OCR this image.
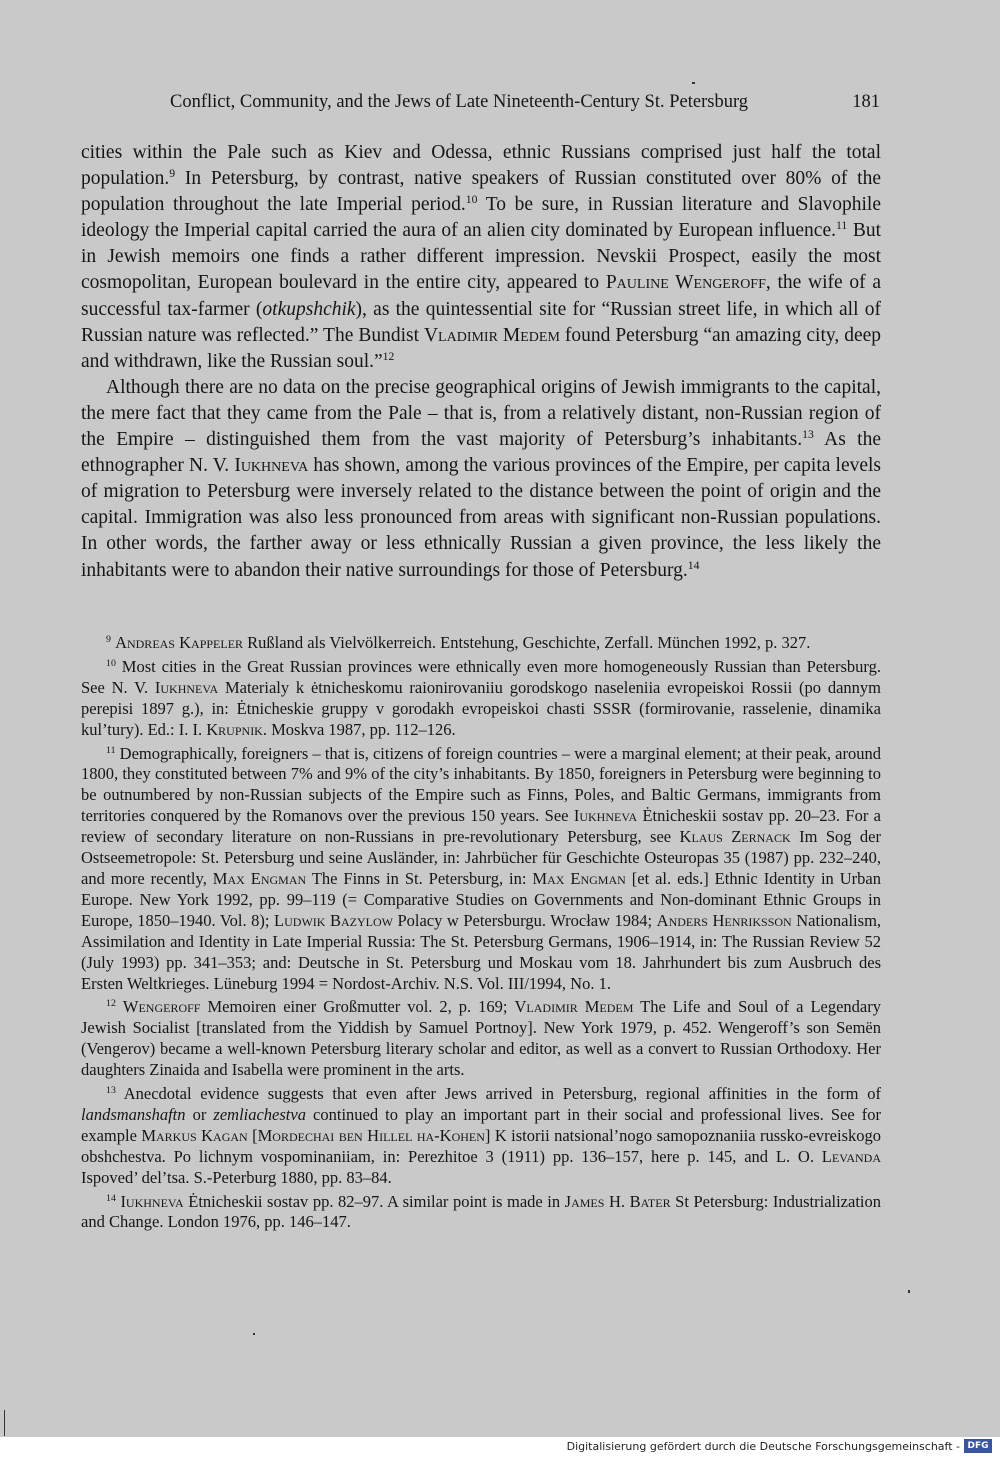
Conflict, Community, and the Jews of Late Nineteenth-Century St. Petersburg	181

cities within the Pale such as Kiev and Odessa, ethnic Russians comprised just half the total population.$^9$ In Petersburg, by contrast, native speakers of Russian constituted over 80% of the population throughout the late Imperial period.$^{10}$ To be sure, in Russian literature and Slavophile ideology the Imperial capital carried the aura of an alien city dominated by European influence.$^{11}$ But in Jewish memoirs one finds a rather different impression. Nevskii Prospect, easily the most cosmopolitan, European boulevard in the entire city, appeared to Pauline Wengeroff, the wife of a successful tax-farmer (otkupshchik), as the quintessential site for “Russian street life, in which all of Russian nature was reflected.” The Bundist Vladimir Medem found Petersburg “an amazing city, deep and withdrawn, like the Russian soul.”$^{12}$

Although there are no data on the precise geographical origins of Jewish immigrants to the capital, the mere fact that they came from the Pale – that is, from a relatively distant, non-Russian region of the Empire – distinguished them from the vast majority of Petersburg’s inhabitants.$^{13}$ As the ethnographer N. V. Iukhneva has shown, among the various provinces of the Empire, per capita levels of migration to Petersburg were inversely related to the distance between the point of origin and the capital. Immigration was also less pronounced from areas with significant non-Russian populations. In other words, the farther away or less ethnically Russian a given province, the less likely the inhabitants were to abandon their native surroundings for those of Petersburg.$^{14}$

$^9$ Andreas Kappeler Rußland als Vielvölkerreich. Entstehung, Geschichte, Zerfall. München 1992, p. 327.

$^{10}$ Most cities in the Great Russian provinces were ethnically even more homogeneously Russian than Petersburg. See N. V. Iukhneva Materialy k ėtnicheskomu raionirovaniiu gorodskogo naseleniia evropeiskoi Rossii (po dannym perepisi 1897 g.), in: Ėtnicheskie gruppy v gorodakh evropeiskoi chasti SSSR (formirovanie, rasselenie, dinamika kul’tury). Ed.: I. I. Krupnik. Moskva 1987, pp. 112–126.

$^{11}$ Demographically, foreigners – that is, citizens of foreign countries – were a marginal element; at their peak, around 1800, they constituted between 7% and 9% of the city’s inhabitants. By 1850, foreigners in Petersburg were beginning to be outnumbered by non-Russian subjects of the Empire such as Finns, Poles, and Baltic Germans, immigrants from territories conquered by the Romanovs over the previous 150 years. See Iukhneva Ėtnicheskii sostav pp. 20–23. For a review of secondary literature on non-Russians in pre-revolutionary Petersburg, see Klaus Zernack Im Sog der Ostseemetropole: St. Petersburg und seine Ausländer, in: Jahrbücher für Geschichte Osteuropas 35 (1987) pp. 232–240, and more recently, Max Engman The Finns in St. Petersburg, in: Max Engman [et al. eds.] Ethnic Identity in Urban Europe. New York 1992, pp. 99–119 (= Comparative Studies on Governments and Non-dominant Ethnic Groups in Europe, 1850–1940. Vol. 8); Ludwik Bazylow Polacy w Petersburgu. Wrocław 1984; Anders Henriksson Nationalism, Assimilation and Identity in Late Imperial Russia: The St. Petersburg Germans, 1906–1914, in: The Russian Review 52 (July 1993) pp. 341–353; and: Deutsche in St. Petersburg und Moskau vom 18. Jahrhundert bis zum Ausbruch des Ersten Weltkrieges. Lüneburg 1994 = Nordost-Archiv. N.S. Vol. III/1994, No. 1.

$^{12}$ Wengeroff Memoiren einer Großmutter vol. 2, p. 169; Vladimir Medem The Life and Soul of a Legendary Jewish Socialist [translated from the Yiddish by Samuel Portnoy]. New York 1979, p. 452. Wengeroff’s son Semën (Vengerov) became a well-known Petersburg literary scholar and editor, as well as a convert to Russian Orthodoxy. Her daughters Zinaida and Isabella were prominent in the arts.

$^{13}$ Anecdotal evidence suggests that even after Jews arrived in Petersburg, regional affinities in the form of landsmanshaftn or zemliachestva continued to play an important part in their social and professional lives. See for example Markus Kagan [Mordechai ben Hillel ha-Kohen] K istorii natsional’nogo samopoznaniia russko-evreiskogo obshchestva. Po lichnym vospominaniiam, in: Perezhitoe 3 (1911) pp. 136–157, here p. 145, and L. O. Levanda Ispoved’ del’tsa. S.-Peterburg 1880, pp. 83–84.

$^{14}$ Iukhneva Ėtnicheskii sostav pp. 82–97. A similar point is made in James H. Bater St Petersburg: Industrialization and Change. London 1976, pp. 146–147.

Digitalisierung gefördert durch die Deutsche Forschungsgemeinschaft - DFG
